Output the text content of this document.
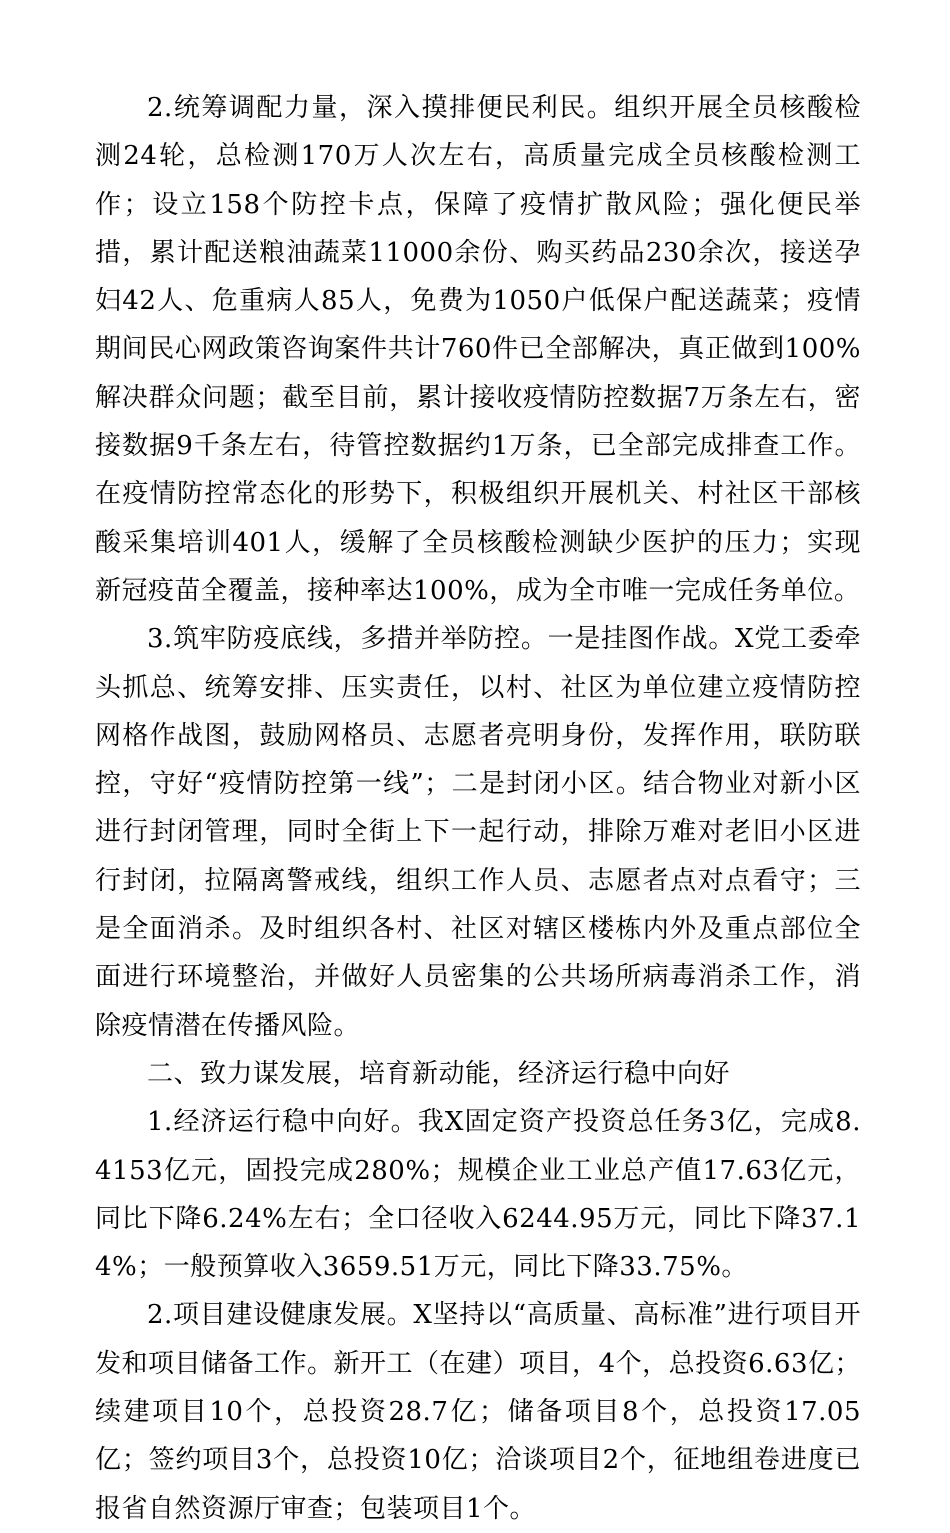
2.统筹调配力量，深入摸排便民利民。组织开展全员核酸检测24轮，总检测170万人次左右，高质量完成全员核酸检测工作；设立158个防控卡点，保障了疫情扩散风险；强化便民举措，累计配送粮油蔬菜11000余份、购买药品230余次，接送孕妇42人、危重病人85人，免费为1050户低保户配送蔬菜；疫情期间民心网政策咨询案件共计760件已全部解决，真正做到100%解决群众问题；截至目前，累计接收疫情防控数据7万条左右，密接数据9千条左右，待管控数据约1万条，已全部完成排查工作。在疫情防控常态化的形势下，积极组织开展机关、村社区干部核酸采集培训401人，缓解了全员核酸检测缺少医护的压力；实现新冠疫苗全覆盖，接种率达100%，成为全市唯一完成任务单位。

3.筑牢防疫底线，多措并举防控。一是挂图作战。X党工委牵头抓总、统筹安排、压实责任，以村、社区为单位建立疫情防控网格作战图，鼓励网格员、志愿者亮明身份，发挥作用，联防联控，守好“疫情防控第一线”；二是封闭小区。结合物业对新小区进行封闭管理，同时全街上下一起行动，排除万难对老旧小区进行封闭，拉隔离警戒线，组织工作人员、志愿者点对点看守；三是全面消杀。及时组织各村、社区对辖区楼栋内外及重点部位全面进行环境整治，并做好人员密集的公共场所病毒消杀工作，消除疫情潜在传播风险。

二、致力谋发展，培育新动能，经济运行稳中向好

1.经济运行稳中向好。我X固定资产投资总任务3亿，完成8.4153亿元，固投完成280%；规模企业工业总产值17.63亿元，同比下降6.24%左右；全口径收入6244.95万元，同比下降37.14%；一般预算收入3659.51万元，同比下降33.75%。

2.项目建设健康发展。X坚持以“高质量、高标准”进行项目开发和项目储备工作。新开工（在建）项目，4个，总投资6.63亿；续建项目10个，总投资28.7亿；储备项目8个，总投资17.05亿；签约项目3个，总投资10亿；洽谈项目2个，征地组卷进度已报省自然资源厅审查；包装项目1个。
